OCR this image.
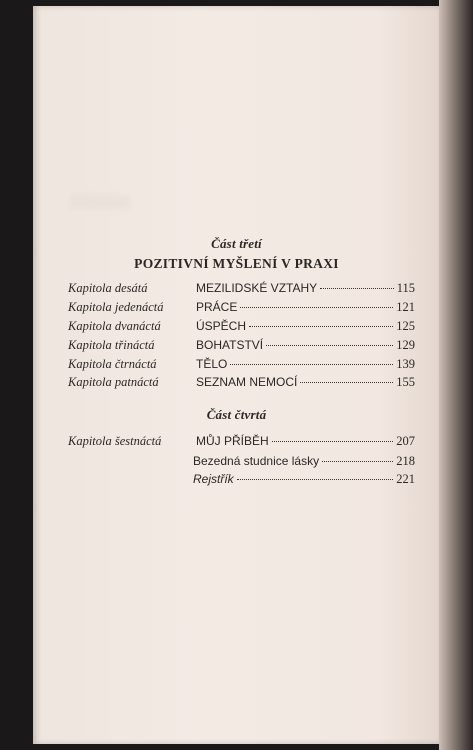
Část třetí
POZITIVNÍ MYŠLENÍ V PRAXI
Kapitola desátá	MEZILIDSKÉ VZTAHY	115
Kapitola jedenáctá	PRÁCE	121
Kapitola dvanáctá	ÚSPĚCH	125
Kapitola třináctá	BOHATSTVÍ	129
Kapitola čtrnáctá	TĚLO	139
Kapitola patnáctá	SEZNAM NEMOCÍ	155
Část čtvrtá
Kapitola šestnáctá	MŮJ PŘÍBĚH	207
Bezedná studnice lásky	218
Rejstřík	221
